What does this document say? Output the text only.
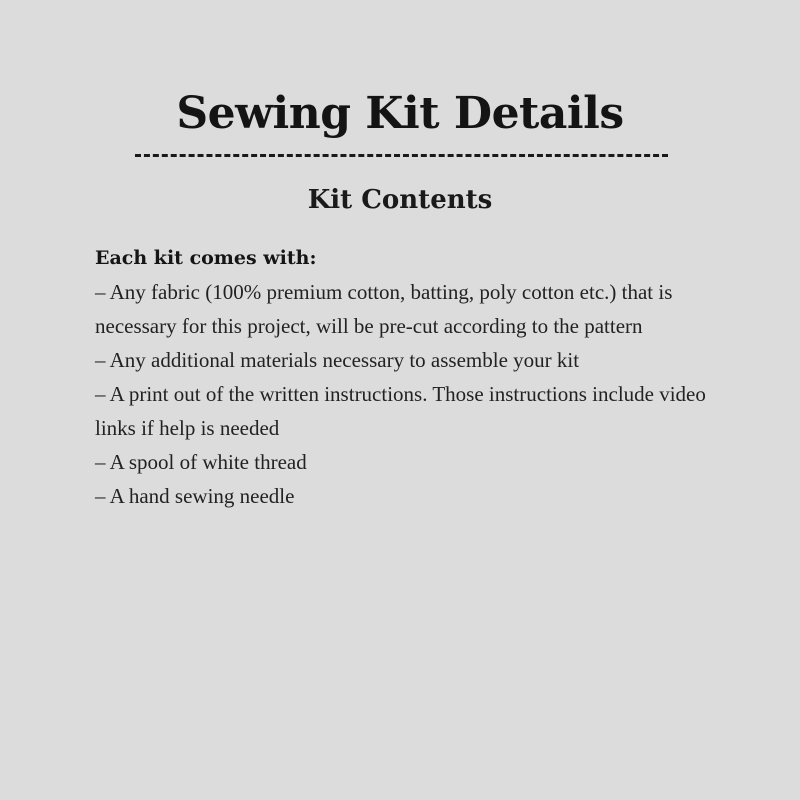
Sewing Kit Details
Kit Contents
Each kit comes with:
– Any fabric (100% premium cotton, batting, poly cotton etc.) that is necessary for this project, will be pre-cut according to the pattern
– Any additional materials necessary to assemble your kit
– A print out of the written instructions. Those instructions include video links if help is needed
– A spool of white thread
– A hand sewing needle
